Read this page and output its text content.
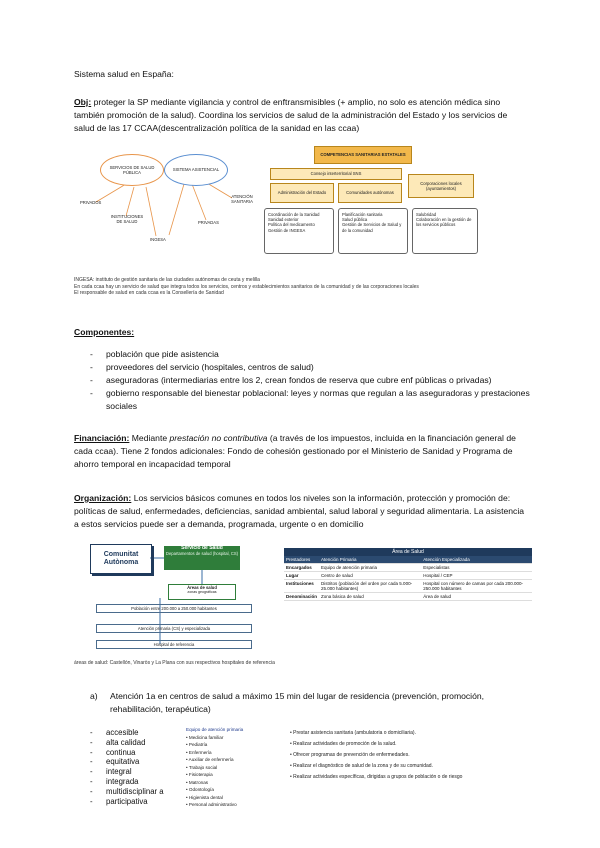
Sistema salud en España:
Obj: proteger la SP mediante vigilancia y control de enftransmisibles (+ amplio, no solo es atención médica sino también promoción de la salud). Coordina los servicios de salud de la administración del Estado y los servicios de salud de las 17 CCAA(descentralización política de la sanidad en las ccaa)
SERVICIOS DE SALUD PÚBLICA
SISTEMA ASISTENCIAL
PRIVADOS
INSTITUCIONES DE SALUD
INGESA
PRIVADAS
ATENCIÓN SANITARIA
COMPETENCIAS SANITARIAS ESTATALES
Consejo interterritorial SNS
Administración del Estado	Comunidades autónomas
Corporaciones locales (ayuntamientos)
Coordinación de la Sanidad
Sanidad exterior
Política del medicamento
Gestión de INGESA
Planificación sanitaria
Salud pública
Gestión de Servicios de Salud y de la comunidad
Salubridad
Colaboración en la gestión de los servicios públicos
INGESA: instituto de gestión sanitaria de las ciudades autónomas de ceuta y melilla
En cada ccaa hay un servicio de salud que integra todos los servicios, centros y establecimientos sanitarios de la comunidad y de las corporaciones locales
El responsable de salud en cada ccaa es la Consellería de Sanidad
Componentes:
- población que pide asistencia
- proveedores del servicio (hospitales, centros de salud)
- aseguradoras (intermediarias entre los 2, crean fondos de reserva que cubre enf públicas o privadas)
- gobierno responsable del bienestar poblacional: leyes y normas que regulan a las aseguradoras y prestaciones sociales
Financiación: Mediante prestación no contributiva (a través de los impuestos, incluida en la financiación general de cada ccaa). Tiene 2 fondos adicionales: Fondo de cohesión gestionado por el Ministerio de Sanidad y Programa de ahorro temporal en incapacidad temporal
Organización: Los servicios básicos comunes en todos los niveles son la información, protección y promoción de: políticas de salud, enfermedades, deficiencias, sanidad ambiental, salud laboral y seguridad alimentaria. La asistencia a estos servicios puede ser a demanda, programada, urgente o en domicilio
Comunitat Autònoma
Servicio de Salud
Departamentos de salud (hospital, CS)
Áreas de salud
zonas geográficas
Población entre 200.000 a 250.000 habitantes
Atención primaria (CS) y especializada
Hospital de referencia
Área de Salud
Prestadores	Atención Primaria	Atención Especializada
Encargados	Equipo de atención primaria	Especialistas
Lugar	Centro de salud	Hospital / CEP
Instituciones	Distritos (población del orden por cada 5.000-25.000 habitantes)	Hospital con número de camas por cada 200.000-250.000 habitantes
Denominación	Zona básica de salud	Área de salud
áreas de salud: Castellón, Vinaròs y La Plana con sus respectivos hospitales de referencia
a) Atención 1a en centros de salud a máximo 15 min del lugar de residencia (prevención, promoción, rehabilitación, terapéutica)
- accesible
- alta calidad
- continua
- equitativa
- integral
- integrada
- multidisciplinar a
- participativa
Equipo de atención primaria
• Medicina familiar
• Pediatría
• Enfermería
• Auxiliar de enfermería
• Trabajo social
• Fisioterapia
• Matronas
• Odontología
• Higienista dental
• Personal administrativo
• Prestar asistencia sanitaria (ambulatoria o domiciliaria).
• Realizar actividades de promoción de la salud.
• Ofrecer programas de prevención de enfermedades.
• Realizar el diagnóstico de salud de la zona y de su comunidad.
• Realizar actividades específicas, dirigidas a grupos de población o de riesgo
